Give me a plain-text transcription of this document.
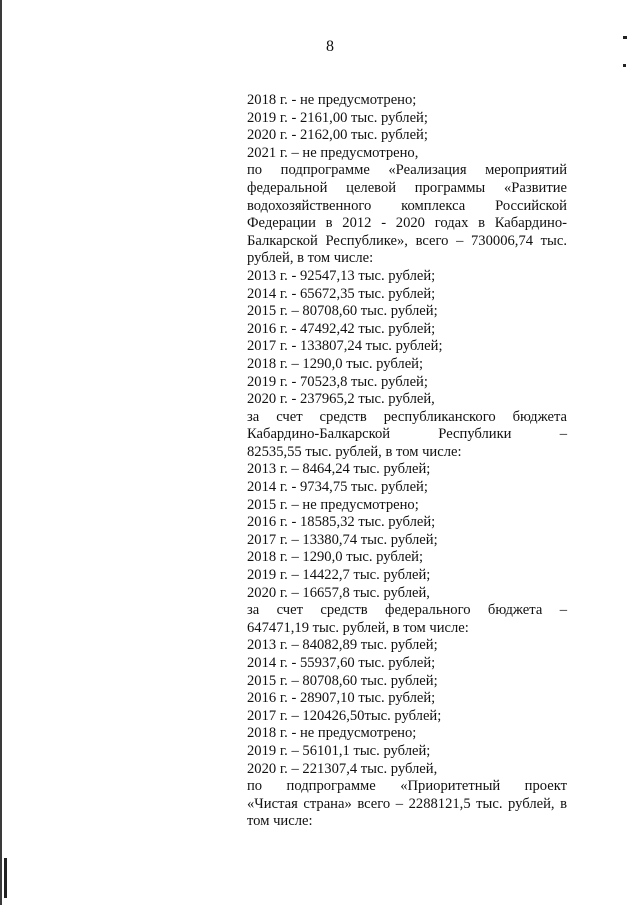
8
2018 г. - не предусмотрено;
2019 г. - 2161,00 тыс. рублей;
2020 г. - 2162,00 тыс. рублей;
2021 г. – не предусмотрено,
по подпрограмме «Реализация мероприятий
федеральной целевой программы «Развитие
водохозяйственного комплекса Российской
Федерации в 2012 - 2020 годах в Кабардино-
Балкарской Республике», всего – 730006,74 тыс.
рублей, в том числе:
2013 г. - 92547,13 тыс. рублей;
2014 г. - 65672,35 тыс. рублей;
2015 г. – 80708,60 тыс. рублей;
2016 г. - 47492,42 тыс. рублей;
2017 г. - 133807,24 тыс. рублей;
2018 г. – 1290,0 тыс. рублей;
2019 г. - 70523,8 тыс. рублей;
2020 г. - 237965,2 тыс. рублей,
за счет средств республиканского бюджета
Кабардино-Балкарской Республики –
82535,55 тыс. рублей, в том числе:
2013 г. – 8464,24 тыс. рублей;
2014 г. - 9734,75 тыс. рублей;
2015 г. – не предусмотрено;
2016 г. - 18585,32 тыс. рублей;
2017 г. – 13380,74 тыс. рублей;
2018 г. – 1290,0 тыс. рублей;
2019 г. – 14422,7 тыс. рублей;
2020 г. – 16657,8 тыс. рублей,
за счет средств федерального бюджета –
647471,19 тыс. рублей, в том числе:
2013 г. – 84082,89 тыс. рублей;
2014 г. - 55937,60 тыс. рублей;
2015 г. – 80708,60 тыс. рублей;
2016 г. - 28907,10 тыс. рублей;
2017 г. – 120426,50тыс. рублей;
2018 г. - не предусмотрено;
2019 г. – 56101,1 тыс. рублей;
2020 г. – 221307,4 тыс. рублей,
по подпрограмме «Приоритетный проект
«Чистая страна» всего – 2288121,5 тыс. рублей, в
том числе:
